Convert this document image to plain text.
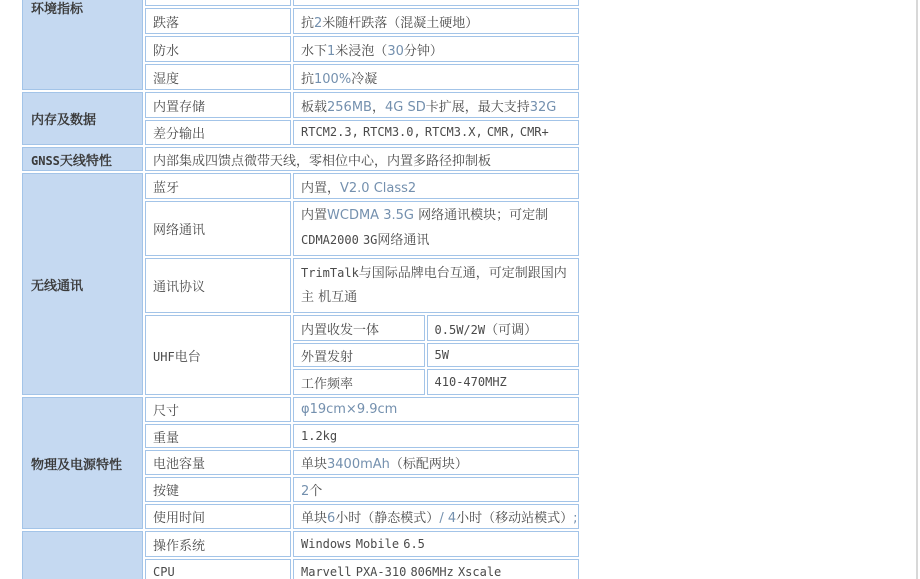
环境指标			
	跌落	抗2米随杆跌落（混凝土硬地）	
	防水	水下1米浸泡（30分钟）	
	湿度	抗100%冷凝	
内存及数据	内置存储	板载256MB，4G SD卡扩展，最大支持32G	
	差分输出	RTCM2.3, RTCM3.0, RTCM3.X, CMR, CMR+	
GNSS天线特性	内部集成四馈点微带天线，零相位中心，内置多路径抑制板		
无线通讯	蓝牙	内置，V2.0 Class2	
	网络通讯	内置WCDMA 3.5G 网络通讯模块；可定制
CDMA2000 3G网络通讯	

	通讯协议	TrimTalk与国际品牌电台互通，可定制跟国内
主 机互通	

	UHF电台	内置收发一体	0.5W/2W（可调）
		外置发射	5W
		工作频率	410-470MHZ
物理及电源特性	尺寸	φ19cm×9.9cm	
	重量	1.2kg	
	电池容量	单块3400mAh（标配两块）	
	按键	2个	
	使用时间	单块6小时（静态模式）/ 4小时（移动站模式）;	
	操作系统	Windows Mobile 6.5	
	CPU	Marvell PXA-310 806MHz Xscale	
